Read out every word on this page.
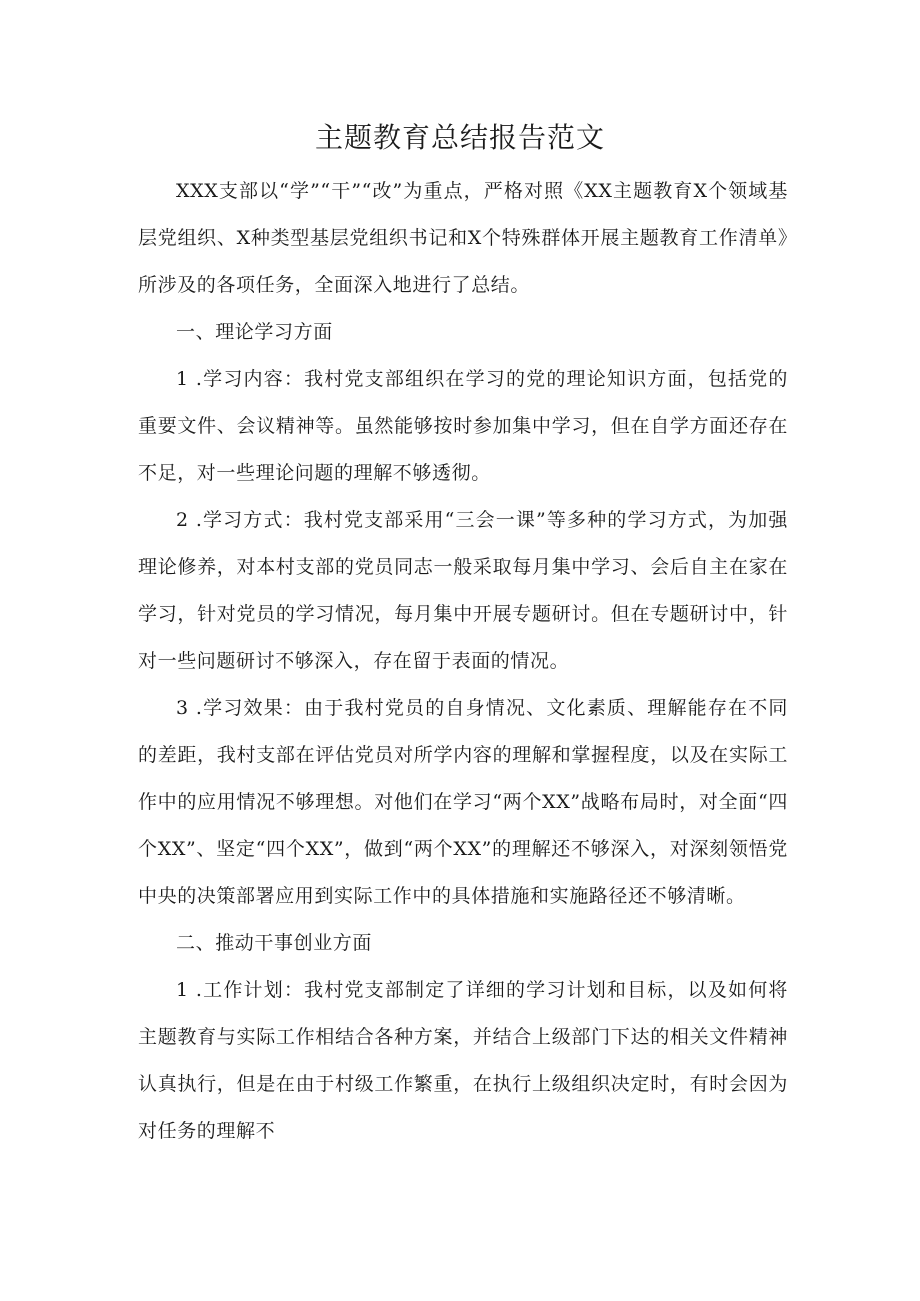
主题教育总结报告范文

XXX支部以“学”“干”“改”为重点，严格对照《XX主题教育X个领域基层党组织、X种类型基层党组织书记和X个特殊群体开展主题教育工作清单》所涉及的各项任务，全面深入地进行了总结。

一、理论学习方面

1 .学习内容：我村党支部组织在学习的党的理论知识方面，包括党的重要文件、会议精神等。虽然能够按时参加集中学习，但在自学方面还存在不足，对一些理论问题的理解不够透彻。

2 .学习方式：我村党支部采用“三会一课”等多种的学习方式，为加强理论修养，对本村支部的党员同志一般采取每月集中学习、会后自主在家在学习，针对党员的学习情况，每月集中开展专题研讨。但在专题研讨中，针对一些问题研讨不够深入，存在留于表面的情况。

3 .学习效果：由于我村党员的自身情况、文化素质、理解能存在不同的差距，我村支部在评估党员对所学内容的理解和掌握程度，以及在实际工作中的应用情况不够理想。对他们在学习“两个XX”战略布局时，对全面“四个XX”、坚定“四个XX”，做到“两个XX”的理解还不够深入，对深刻领悟党中央的决策部署应用到实际工作中的具体措施和实施路径还不够清晰。

二、推动干事创业方面

1 .工作计划：我村党支部制定了详细的学习计划和目标，以及如何将主题教育与实际工作相结合各种方案，并结合上级部门下达的相关文件精神认真执行，但是在由于村级工作繁重，在执行上级组织决定时，有时会因为对任务的理解不
